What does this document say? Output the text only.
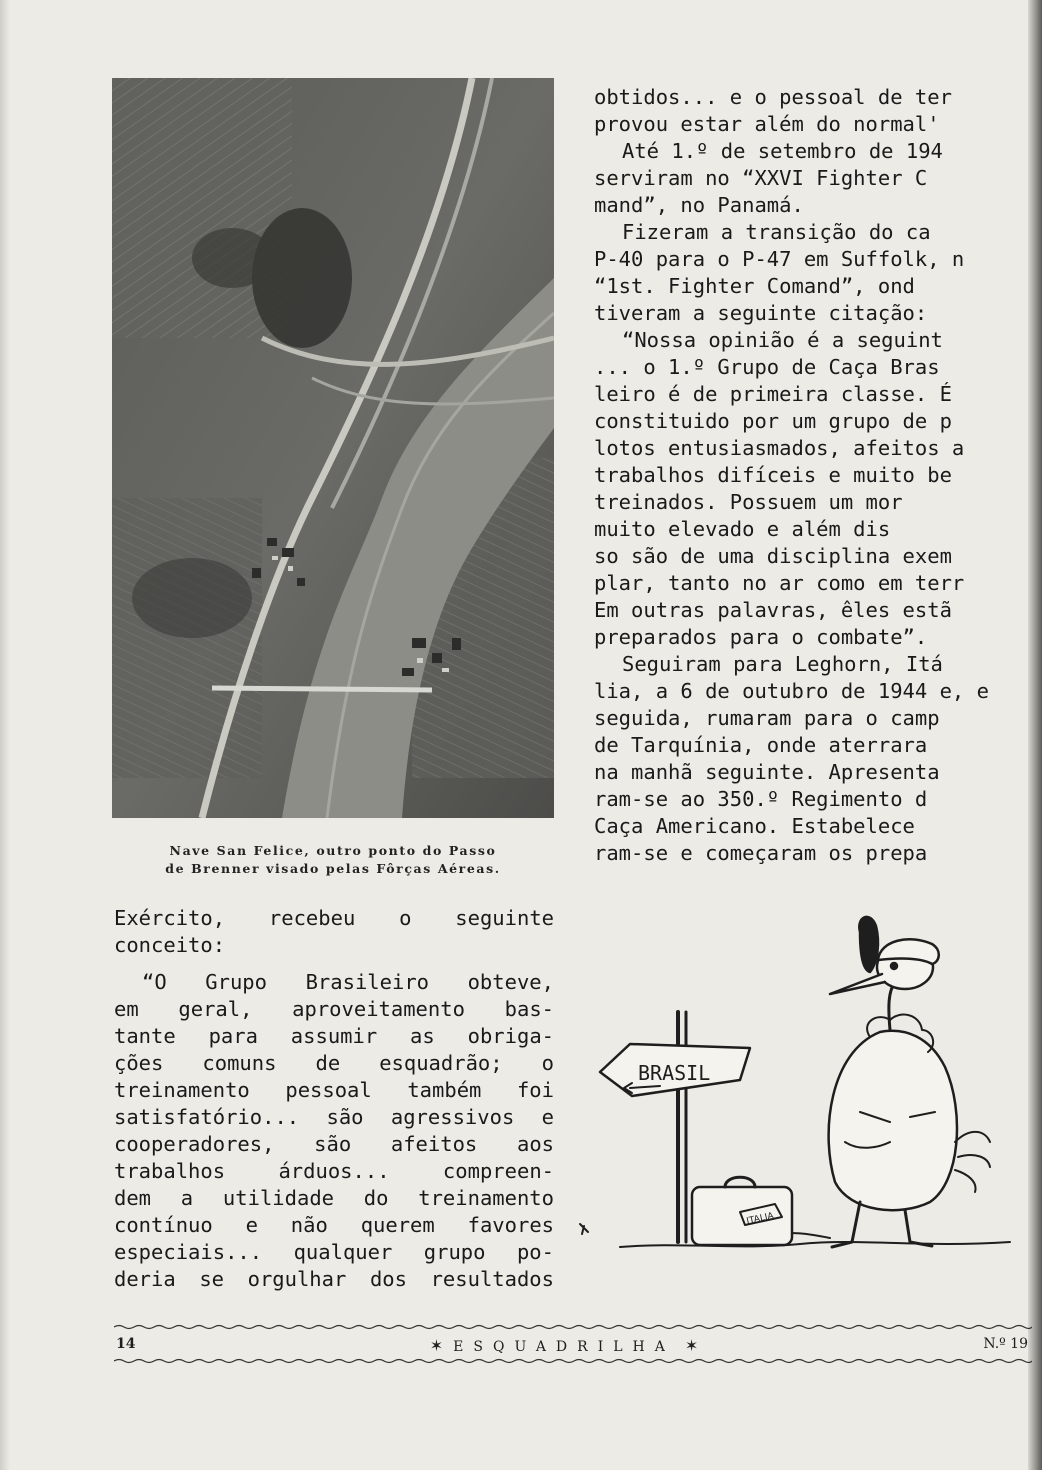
Nave San Felice, outro ponto do Passo
de Brenner visado pelas Fôrças Aéreas.
Exército, recebeu o seguinte
conceito:
“O Grupo Brasileiro obteve,
em geral, aproveitamento bas-
tante para assumir as obriga-
ções comuns de esquadrão; o
treinamento pessoal também foi
satisfatório... são agressivos e
cooperadores, são afeitos aos
trabalhos árduos... compreen-
dem a utilidade do treinamento
contínuo e não querem favores
especiais... qualquer grupo po-
deria se orgulhar dos resultados
obtidos... e o pessoal de ter
provou estar além do normal'
Até 1.º de setembro de 194
serviram no “XXVI Fighter C
mand”, no Panamá.
Fizeram a transição do ca
P-40 para o P-47 em Suffolk, n
“1st. Fighter Comand”, ond
tiveram a seguinte citação:
“Nossa opinião é a seguint
... o 1.º Grupo de Caça Bras
leiro é de primeira classe. É
constituido por um grupo de p
lotos entusiasmados, afeitos a
trabalhos difíceis e muito be
treinados. Possuem um mor
muito elevado e além dis
so são de uma disciplina exem
plar, tanto no ar como em terr
Em outras palavras, êles estã
preparados para o combate”.
Seguiram para Leghorn, Itá
lia, a 6 de outubro de 1944 e, e
seguida, rumaram para o camp
de Tarquínia, onde aterrara
na manhã seguinte. Apresenta
ram-se ao 350.º Regimento d
Caça Americano. Estabelece
ram-se e começaram os prepa
BRASIL
ITALIA
14	✶ ESQUADRILHA ✶	N.º 19
